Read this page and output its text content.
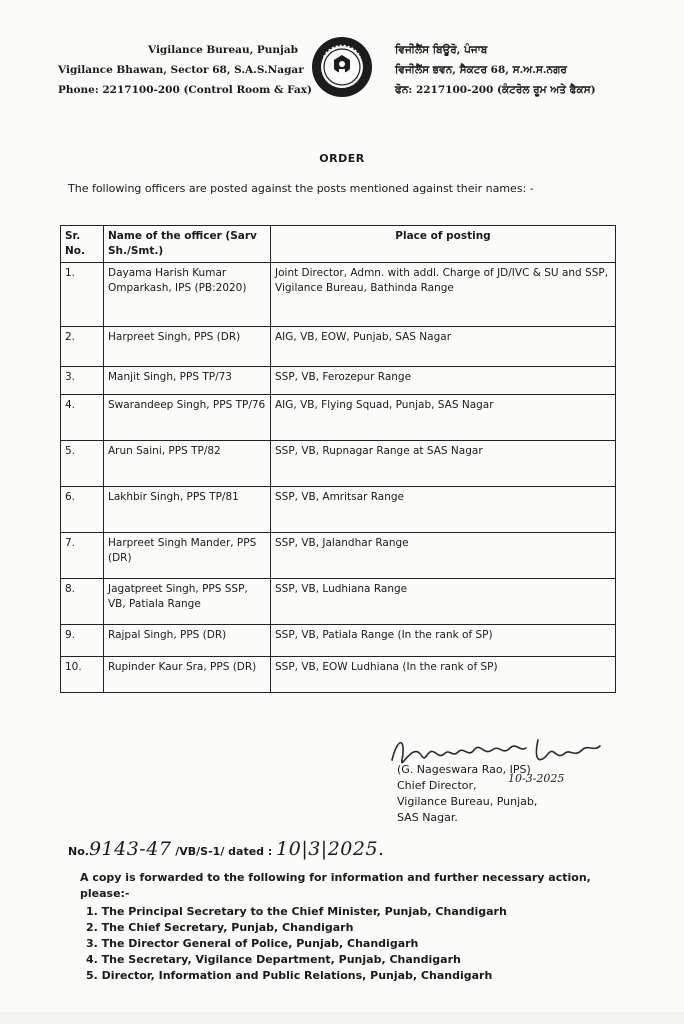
Vigilance Bureau, Punjab
Vigilance Bhawan, Sector 68, S.A.S.Nagar
Phone: 2217100-200 (Control Room & Fax)
ਵਿਜੀਲੈਂਸ ਬਿਊਰੋ, ਪੰਜਾਬ
ਵਿਜੀਲੈਂਸ ਭਵਨ, ਸੈਕਟਰ 68, ਸ.ਅ.ਸ.ਨਗਰ
ਫੋਨ: 2217100-200 (ਕੰਟਰੋਲ ਰੂਮ ਅਤੇ ਫੈਕਸ)
ORDER
The following officers are posted against the posts mentioned against their names: -
Sr. No.	Name of the officer (Sarv Sh./Smt.)	Place of posting
1.	Dayama Harish Kumar Omparkash, IPS (PB:2020)	Joint Director, Admn. with addl. Charge of JD/IVC & SU and SSP, Vigilance Bureau, Bathinda Range
2.	Harpreet Singh, PPS (DR)	AIG, VB, EOW, Punjab, SAS Nagar
3.	Manjit Singh, PPS TP/73	SSP, VB, Ferozepur Range
4.	Swarandeep Singh, PPS TP/76	AIG, VB, Flying Squad, Punjab, SAS Nagar
5.	Arun Saini, PPS TP/82	SSP, VB, Rupnagar Range at SAS Nagar
6.	Lakhbir Singh, PPS TP/81	SSP, VB, Amritsar Range
7.	Harpreet Singh Mander, PPS (DR)	SSP, VB, Jalandhar Range
8.	Jagatpreet Singh, PPS SSP, VB, Patiala Range	SSP, VB, Ludhiana Range
9.	Rajpal Singh, PPS (DR)	SSP, VB, Patiala Range (In the rank of SP)
10.	Rupinder Kaur Sra, PPS (DR)	SSP, VB, EOW Ludhiana (In the rank of SP)
(G. Nageswara Rao, IPS)
Chief Director,
Vigilance Bureau, Punjab,
SAS Nagar.
10-3-2025
No.9143-47 /VB/S-1/ dated : 10|3|2025.
A copy is forwarded to the following for information and further necessary action, please:-
1. The Principal Secretary to the Chief Minister, Punjab, Chandigarh
2. The Chief Secretary, Punjab, Chandigarh
3. The Director General of Police, Punjab, Chandigarh
4. The Secretary, Vigilance Department, Punjab, Chandigarh
5. Director, Information and Public Relations, Punjab, Chandigarh
